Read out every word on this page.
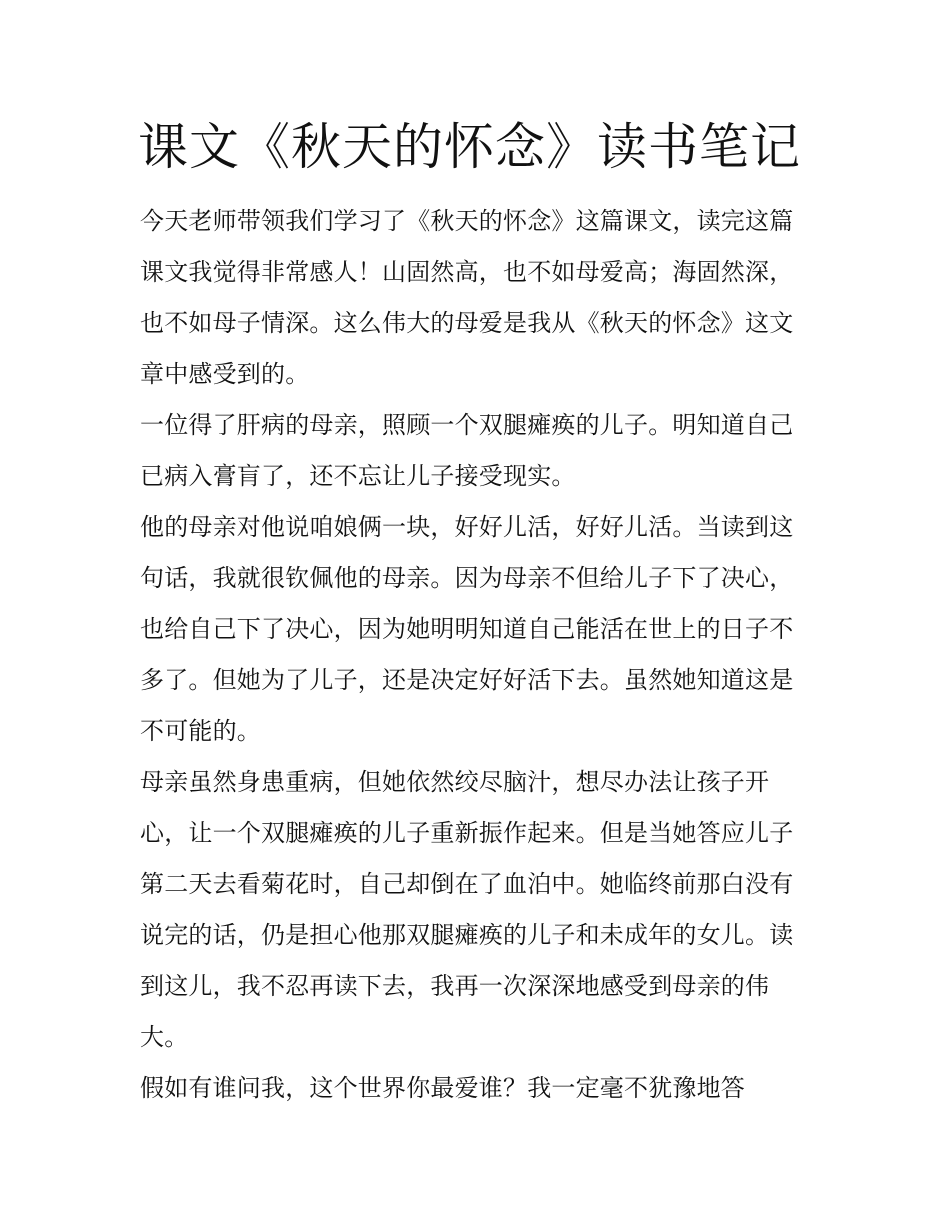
课文《秋天的怀念》读书笔记
今天老师带领我们学习了《秋天的怀念》这篇课文，读完这篇
课文我觉得非常感人！山固然高，也不如母爱高；海固然深，
也不如母子情深。这么伟大的母爱是我从《秋天的怀念》这文
章中感受到的。
一位得了肝病的母亲，照顾一个双腿瘫痪的儿子。明知道自己
已病入膏肓了，还不忘让儿子接受现实。
他的母亲对他说咱娘俩一块，好好儿活，好好儿活。当读到这
句话，我就很钦佩他的母亲。因为母亲不但给儿子下了决心，
也给自己下了决心，因为她明明知道自己能活在世上的日子不
多了。但她为了儿子，还是决定好好活下去。虽然她知道这是
不可能的。
母亲虽然身患重病，但她依然绞尽脑汁，想尽办法让孩子开
心，让一个双腿瘫痪的儿子重新振作起来。但是当她答应儿子
第二天去看菊花时，自己却倒在了血泊中。她临终前那白没有
说完的话，仍是担心他那双腿瘫痪的儿子和未成年的女儿。读
到这儿，我不忍再读下去，我再一次深深地感受到母亲的伟
大。
假如有谁问我，这个世界你最爱谁？我一定毫不犹豫地答
